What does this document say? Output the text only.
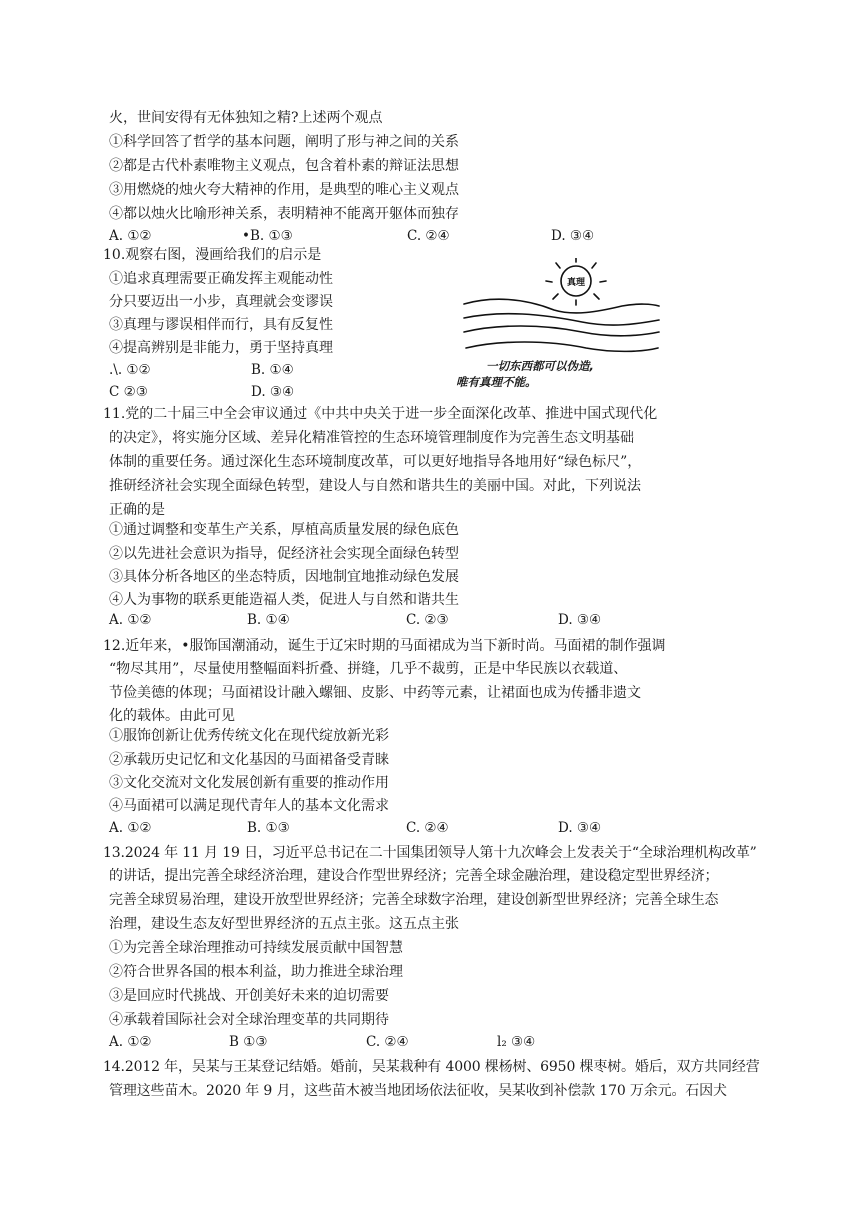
火，世间安得有无体独知之精?上述两个观点
①科学回答了哲学的基本问题，阐明了形与神之间的关系
②都是古代朴素唯物主义观点，包含着朴素的辩证法思想
③用燃烧的烛火夸大精神的作用，是典型的唯心主义观点
④都以烛火比喻形神关系，表明精神不能离开躯体而独存
A. ①②	•B. ①③	C. ②④	D. ③④
10.观察右图，漫画给我们的启示是
①追求真理需要正确发挥主观能动性
分只要迈出一小步，真理就会变谬误
③真理与谬误相伴而行，具有反复性
④提高辨别是非能力，勇于坚持真理
.\. ①②	B. ①④
C ②③	D. ③④
真理
一切东西都可以伪造,
唯有真理不能。
11.党的二十届三中全会审议通过《中共中央关于进一步全面深化改革、推进中国式现代化
的决定》，将实施分区域、差异化精准管控的生态环境管理制度作为完善生态文明基础
体制的重要任务。通过深化生态环境制度改革，可以更好地指导各地用好“绿色标尺”，
推研经济社会实现全面绿色转型，建设人与自然和谐共生的美丽中国。对此，下列说法
正确的是
①通过调整和变革生产关系，厚植高质量发展的绿色底色
②以先进社会意识为指导，促经济社会实现全面绿色转型
③具体分析各地区的坐态特质，因地制宜地推动绿色发展
④人为事物的联系更能造福人类，促进人与自然和谐共生
A. ①②	B. ①④	C. ②③	D. ③④
12.近年来，•服饰国潮涌动，诞生于辽宋时期的马面裙成为当下新时尚。马面裙的制作强调
“物尽其用”，尽量使用整幅面料折叠、拼缝，几乎不裁剪，正是中华民族以衣载道、
节俭美德的体现；马面裙设计融入螺钿、皮影、中药等元素，让裙面也成为传播非遗文
化的载体。由此可见
①服饰创新让优秀传统文化在现代绽放新光彩
②承载历史记忆和文化基因的马面裙备受青睐
③文化交流对文化发展创新有重要的推动作用
④马面裙可以满足现代青年人的基本文化需求
A. ①②	B. ①③	C. ②④	D. ③④
13.2024 年 11 月 19 日，习近平总书记在二十国集团领导人第十九次峰会上发表关于“全球治理机构改革”
的讲话，提出完善全球经济治理，建设合作型世界经济；完善全球金融治理，建设稳定型世界经济；
完善全球贸易治理，建设开放型世界经济；完善全球数字治理，建设创新型世界经济；完善全球生态
治理，建设生态友好型世界经济的五点主张。这五点主张
①为完善全球治理推动可持续发展贡献中国智慧
②符合世界各国的根本利益，助力推进全球治理
③是回应时代挑战、开创美好未来的迫切需要
④承载着国际社会对全球治理变革的共同期待
A. ①②	B ①③	C. ②④	l₂ ③④
14.2012 年，吴某与王某登记结婚。婚前，吴某栽种有 4000 棵杨树、6950 棵枣树。婚后，双方共同经营
管理这些苗木。2020 年 9 月，这些苗木被当地团场依法征收，吴某收到补偿款 170 万余元。石因犬
